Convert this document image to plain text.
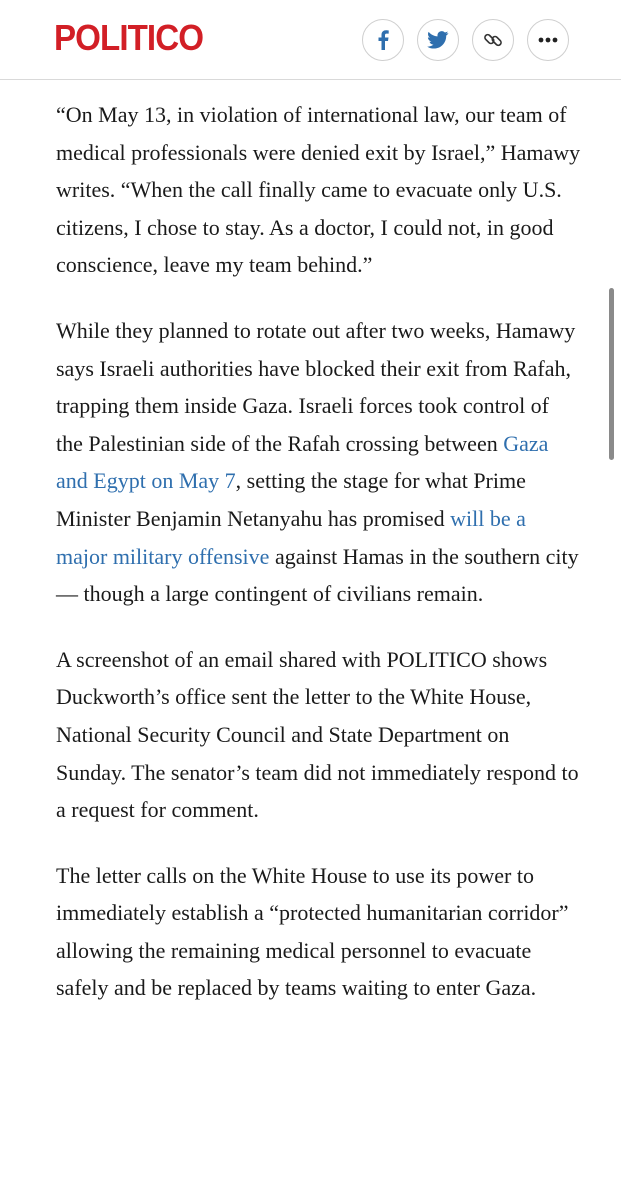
POLITICO

“On May 13, in violation of international law, our team of medical professionals were denied exit by Israel,” Hamawy writes. “When the call finally came to evacuate only U.S. citizens, I chose to stay. As a doctor, I could not, in good conscience, leave my team behind.”

While they planned to rotate out after two weeks, Hamawy says Israeli authorities have blocked their exit from Rafah, trapping them inside Gaza. Israeli forces took control of the Palestinian side of the Rafah crossing between Gaza and Egypt on May 7, setting the stage for what Prime Minister Benjamin Netanyahu has promised will be a major military offensive against Hamas in the southern city — though a large contingent of civilians remain.

A screenshot of an email shared with POLITICO shows Duckworth’s office sent the letter to the White House, National Security Council and State Department on Sunday. The senator’s team did not immediately respond to a request for comment.

The letter calls on the White House to use its power to immediately establish a “protected humanitarian corridor” allowing the remaining medical personnel to evacuate safely and be replaced by teams waiting to enter Gaza.
